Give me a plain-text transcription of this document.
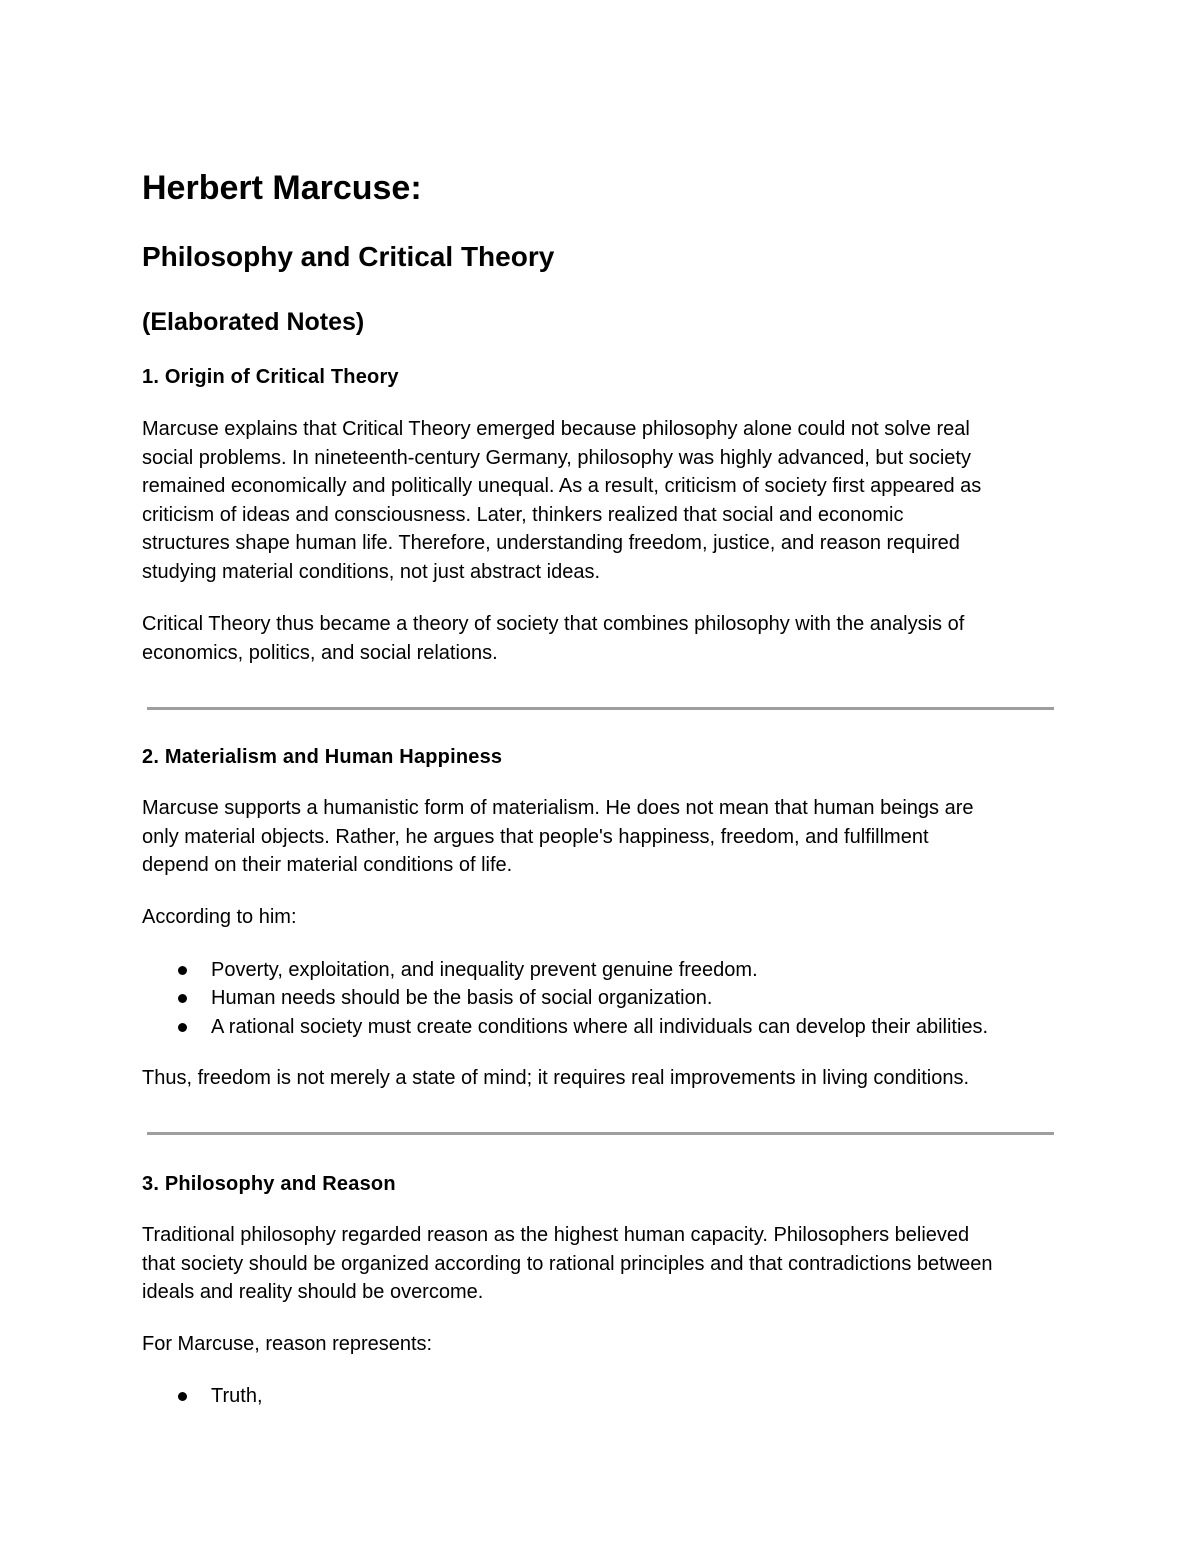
Herbert Marcuse:
Philosophy and Critical Theory
(Elaborated Notes)
1. Origin of Critical Theory
Marcuse explains that Critical Theory emerged because philosophy alone could not solve real
social problems. In nineteenth-century Germany, philosophy was highly advanced, but society
remained economically and politically unequal. As a result, criticism of society first appeared as
criticism of ideas and consciousness. Later, thinkers realized that social and economic
structures shape human life. Therefore, understanding freedom, justice, and reason required
studying material conditions, not just abstract ideas.
Critical Theory thus became a theory of society that combines philosophy with the analysis of
economics, politics, and social relations.
2. Materialism and Human Happiness
Marcuse supports a humanistic form of materialism. He does not mean that human beings are
only material objects. Rather, he argues that people's happiness, freedom, and fulfillment
depend on their material conditions of life.
According to him:
Poverty, exploitation, and inequality prevent genuine freedom.
Human needs should be the basis of social organization.
A rational society must create conditions where all individuals can develop their abilities.
Thus, freedom is not merely a state of mind; it requires real improvements in living conditions.
3. Philosophy and Reason
Traditional philosophy regarded reason as the highest human capacity. Philosophers believed
that society should be organized according to rational principles and that contradictions between
ideals and reality should be overcome.
For Marcuse, reason represents:
Truth,
